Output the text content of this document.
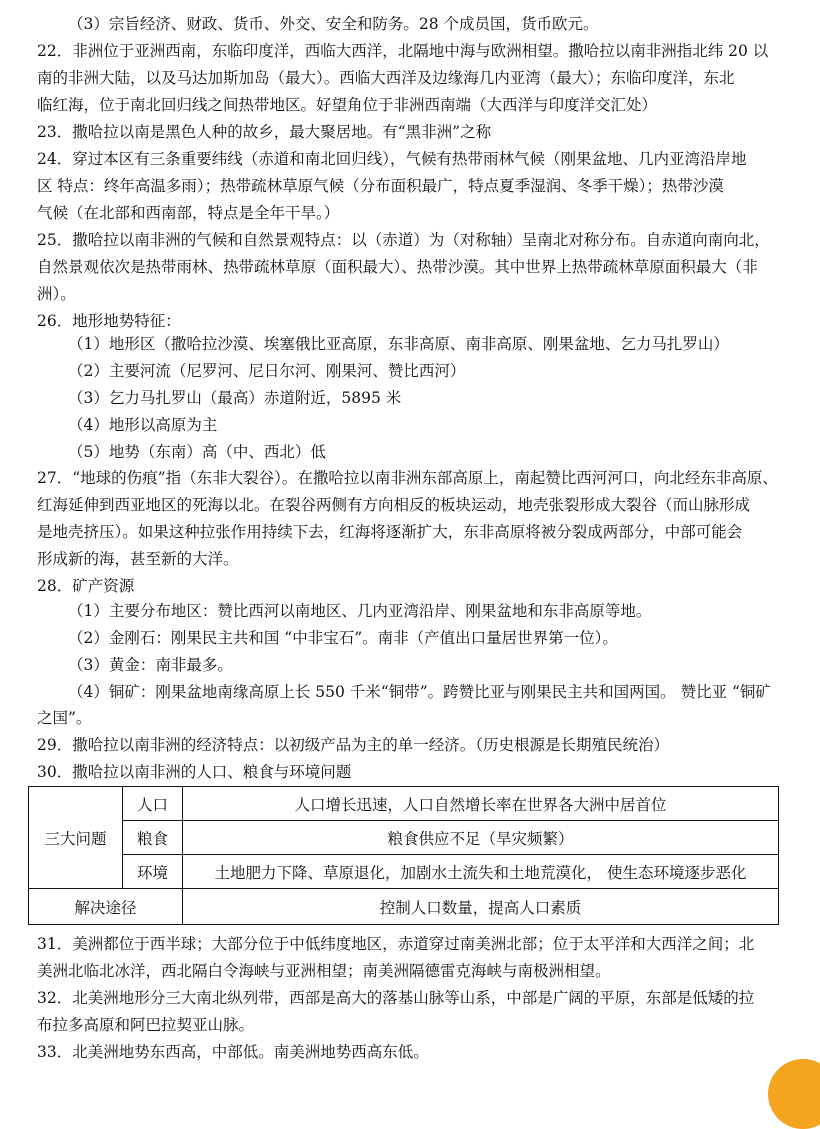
（3）宗旨经济、财政、货币、外交、安全和防务。28 个成员国，货币欧元。
22．非洲位于亚洲西南，东临印度洋，西临大西洋，北隔地中海与欧洲相望。撒哈拉以南非洲指北纬 20 以
南的非洲大陆，以及马达加斯加岛（最大）。西临大西洋及边缘海几内亚湾（最大）；东临印度洋，东北
临红海，位于南北回归线之间热带地区。好望角位于非洲西南端（大西洋与印度洋交汇处）
23．撒哈拉以南是黑色人种的故乡，最大聚居地。有“黑非洲”之称
24．穿过本区有三条重要纬线（赤道和南北回归线），气候有热带雨林气候（刚果盆地、几内亚湾沿岸地
区 特点：终年高温多雨）；热带疏林草原气候（分布面积最广，特点夏季湿润、冬季干燥）；热带沙漠
气候（在北部和西南部，特点是全年干旱。）
25．撒哈拉以南非洲的气候和自然景观特点：以（赤道）为（对称轴）呈南北对称分布。自赤道向南向北，
自然景观依次是热带雨林、热带疏林草原（面积最大）、热带沙漠。其中世界上热带疏林草原面积最大（非
洲）。
26．地形地势特征：
（1）地形区（撒哈拉沙漠、埃塞俄比亚高原，东非高原、南非高原、刚果盆地、乞力马扎罗山）
（2）主要河流（尼罗河、尼日尔河、刚果河、赞比西河）
（3）乞力马扎罗山（最高）赤道附近，5895 米
（4）地形以高原为主
（5）地势（东南）高（中、西北）低
27．“地球的伤痕”指（东非大裂谷）。在撒哈拉以南非洲东部高原上，南起赞比西河河口，向北经东非高原、
红海延伸到西亚地区的死海以北。在裂谷两侧有方向相反的板块运动，地壳张裂形成大裂谷（而山脉形成
是地壳挤压）。如果这种拉张作用持续下去，红海将逐渐扩大，东非高原将被分裂成两部分，中部可能会
形成新的海，甚至新的大洋。
28．矿产资源
（1）主要分布地区：赞比西河以南地区、几内亚湾沿岸、刚果盆地和东非高原等地。
（2）金刚石：刚果民主共和国 “中非宝石”。南非（产值出口量居世界第一位）。
（3）黄金：南非最多。
（4）铜矿：刚果盆地南缘高原上长 550 千米“铜带”。跨赞比亚与刚果民主共和国两国。 赞比亚 “铜矿
之国”。
29．撒哈拉以南非洲的经济特点：以初级产品为主的单一经济。（历史根源是长期殖民统治）
30．撒哈拉以南非洲的人口、粮食与环境问题
三大问题	人口	人口增长迅速，人口自然增长率在世界各大洲中居首位
	粮食	粮食供应不足（旱灾频繁）
	环境	土地肥力下降、草原退化，加剧水土流失和土地荒漠化， 使生态环境逐步恶化
解决途径		控制人口数量，提高人口素质
31．美洲都位于西半球；大部分位于中低纬度地区，赤道穿过南美洲北部；位于太平洋和大西洋之间；北
美洲北临北冰洋，西北隔白令海峡与亚洲相望；南美洲隔德雷克海峡与南极洲相望。
32．北美洲地形分三大南北纵列带，西部是高大的落基山脉等山系，中部是广阔的平原，东部是低矮的拉
布拉多高原和阿巴拉契亚山脉。
33．北美洲地势东西高，中部低。南美洲地势西高东低。
